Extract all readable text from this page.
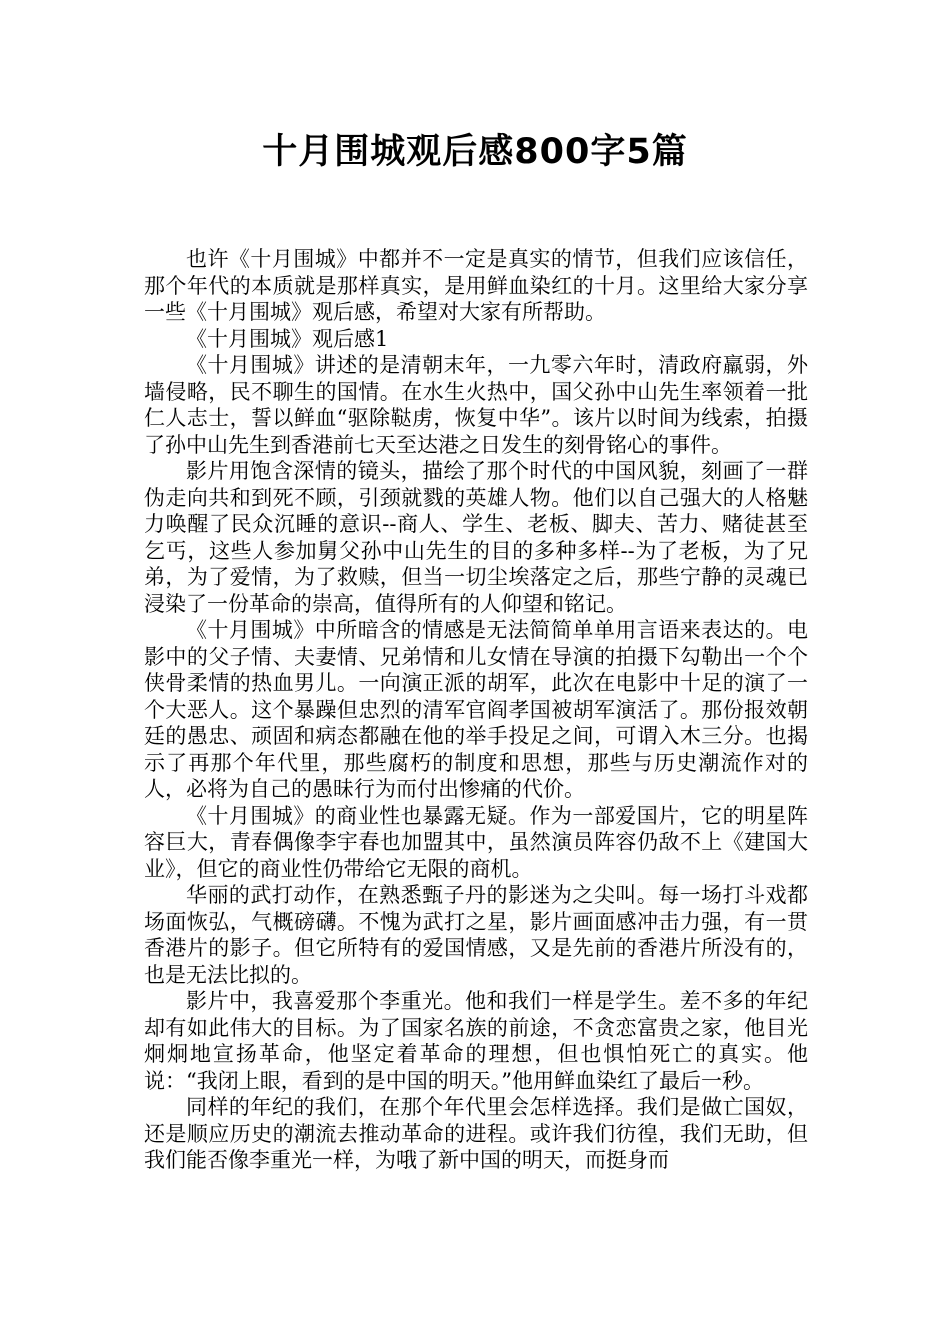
十月围城观后感800字5篇

也许《十月围城》中都并不一定是真实的情节，但我们应该信任，那个年代的本质就是那样真实，是用鲜血染红的十月。这里给大家分享一些《十月围城》观后感，希望对大家有所帮助。

《十月围城》观后感1

《十月围城》讲述的是清朝末年，一九零六年时，清政府羸弱，外墙侵略，民不聊生的国情。在水生火热中，国父孙中山先生率领着一批仁人志士，誓以鲜血“驱除鞑虏，恢复中华”。该片以时间为线索，拍摄了孙中山先生到香港前七天至达港之日发生的刻骨铭心的事件。

影片用饱含深情的镜头，描绘了那个时代的中国风貌，刻画了一群伪走向共和到死不顾，引颈就戮的英雄人物。他们以自己强大的人格魅力唤醒了民众沉睡的意识--商人、学生、老板、脚夫、苦力、赌徒甚至乞丐，这些人参加舅父孙中山先生的目的多种多样--为了老板，为了兄弟，为了爱情，为了救赎，但当一切尘埃落定之后，那些宁静的灵魂已浸染了一份革命的崇高，值得所有的人仰望和铭记。

《十月围城》中所暗含的情感是无法简简单单用言语来表达的。电影中的父子情、夫妻情、兄弟情和儿女情在导演的拍摄下勾勒出一个个侠骨柔情的热血男儿。一向演正派的胡军，此次在电影中十足的演了一个大恶人。这个暴躁但忠烈的清军官阎孝国被胡军演活了。那份报效朝廷的愚忠、顽固和病态都融在他的举手投足之间，可谓入木三分。也揭示了再那个年代里，那些腐朽的制度和思想，那些与历史潮流作对的人，必将为自己的愚昧行为而付出惨痛的代价。

《十月围城》的商业性也暴露无疑。作为一部爱国片，它的明星阵容巨大，青春偶像李宇春也加盟其中，虽然演员阵容仍敌不上《建国大业》，但它的商业性仍带给它无限的商机。

华丽的武打动作，在熟悉甄子丹的影迷为之尖叫。每一场打斗戏都场面恢弘，气概磅礴。不愧为武打之星，影片画面感冲击力强，有一贯香港片的影子。但它所特有的爱国情感，又是先前的香港片所没有的，也是无法比拟的。

影片中，我喜爱那个李重光。他和我们一样是学生。差不多的年纪却有如此伟大的目标。为了国家名族的前途，不贪恋富贵之家，他目光炯炯地宣扬革命，他坚定着革命的理想，但也惧怕死亡的真实。他说：“我闭上眼，看到的是中国的明天。”他用鲜血染红了最后一秒。

同样的年纪的我们，在那个年代里会怎样选择。我们是做亡国奴，还是顺应历史的潮流去推动革命的进程。或许我们彷徨，我们无助，但我们能否像李重光一样，为哦了新中国的明天，而挺身而
